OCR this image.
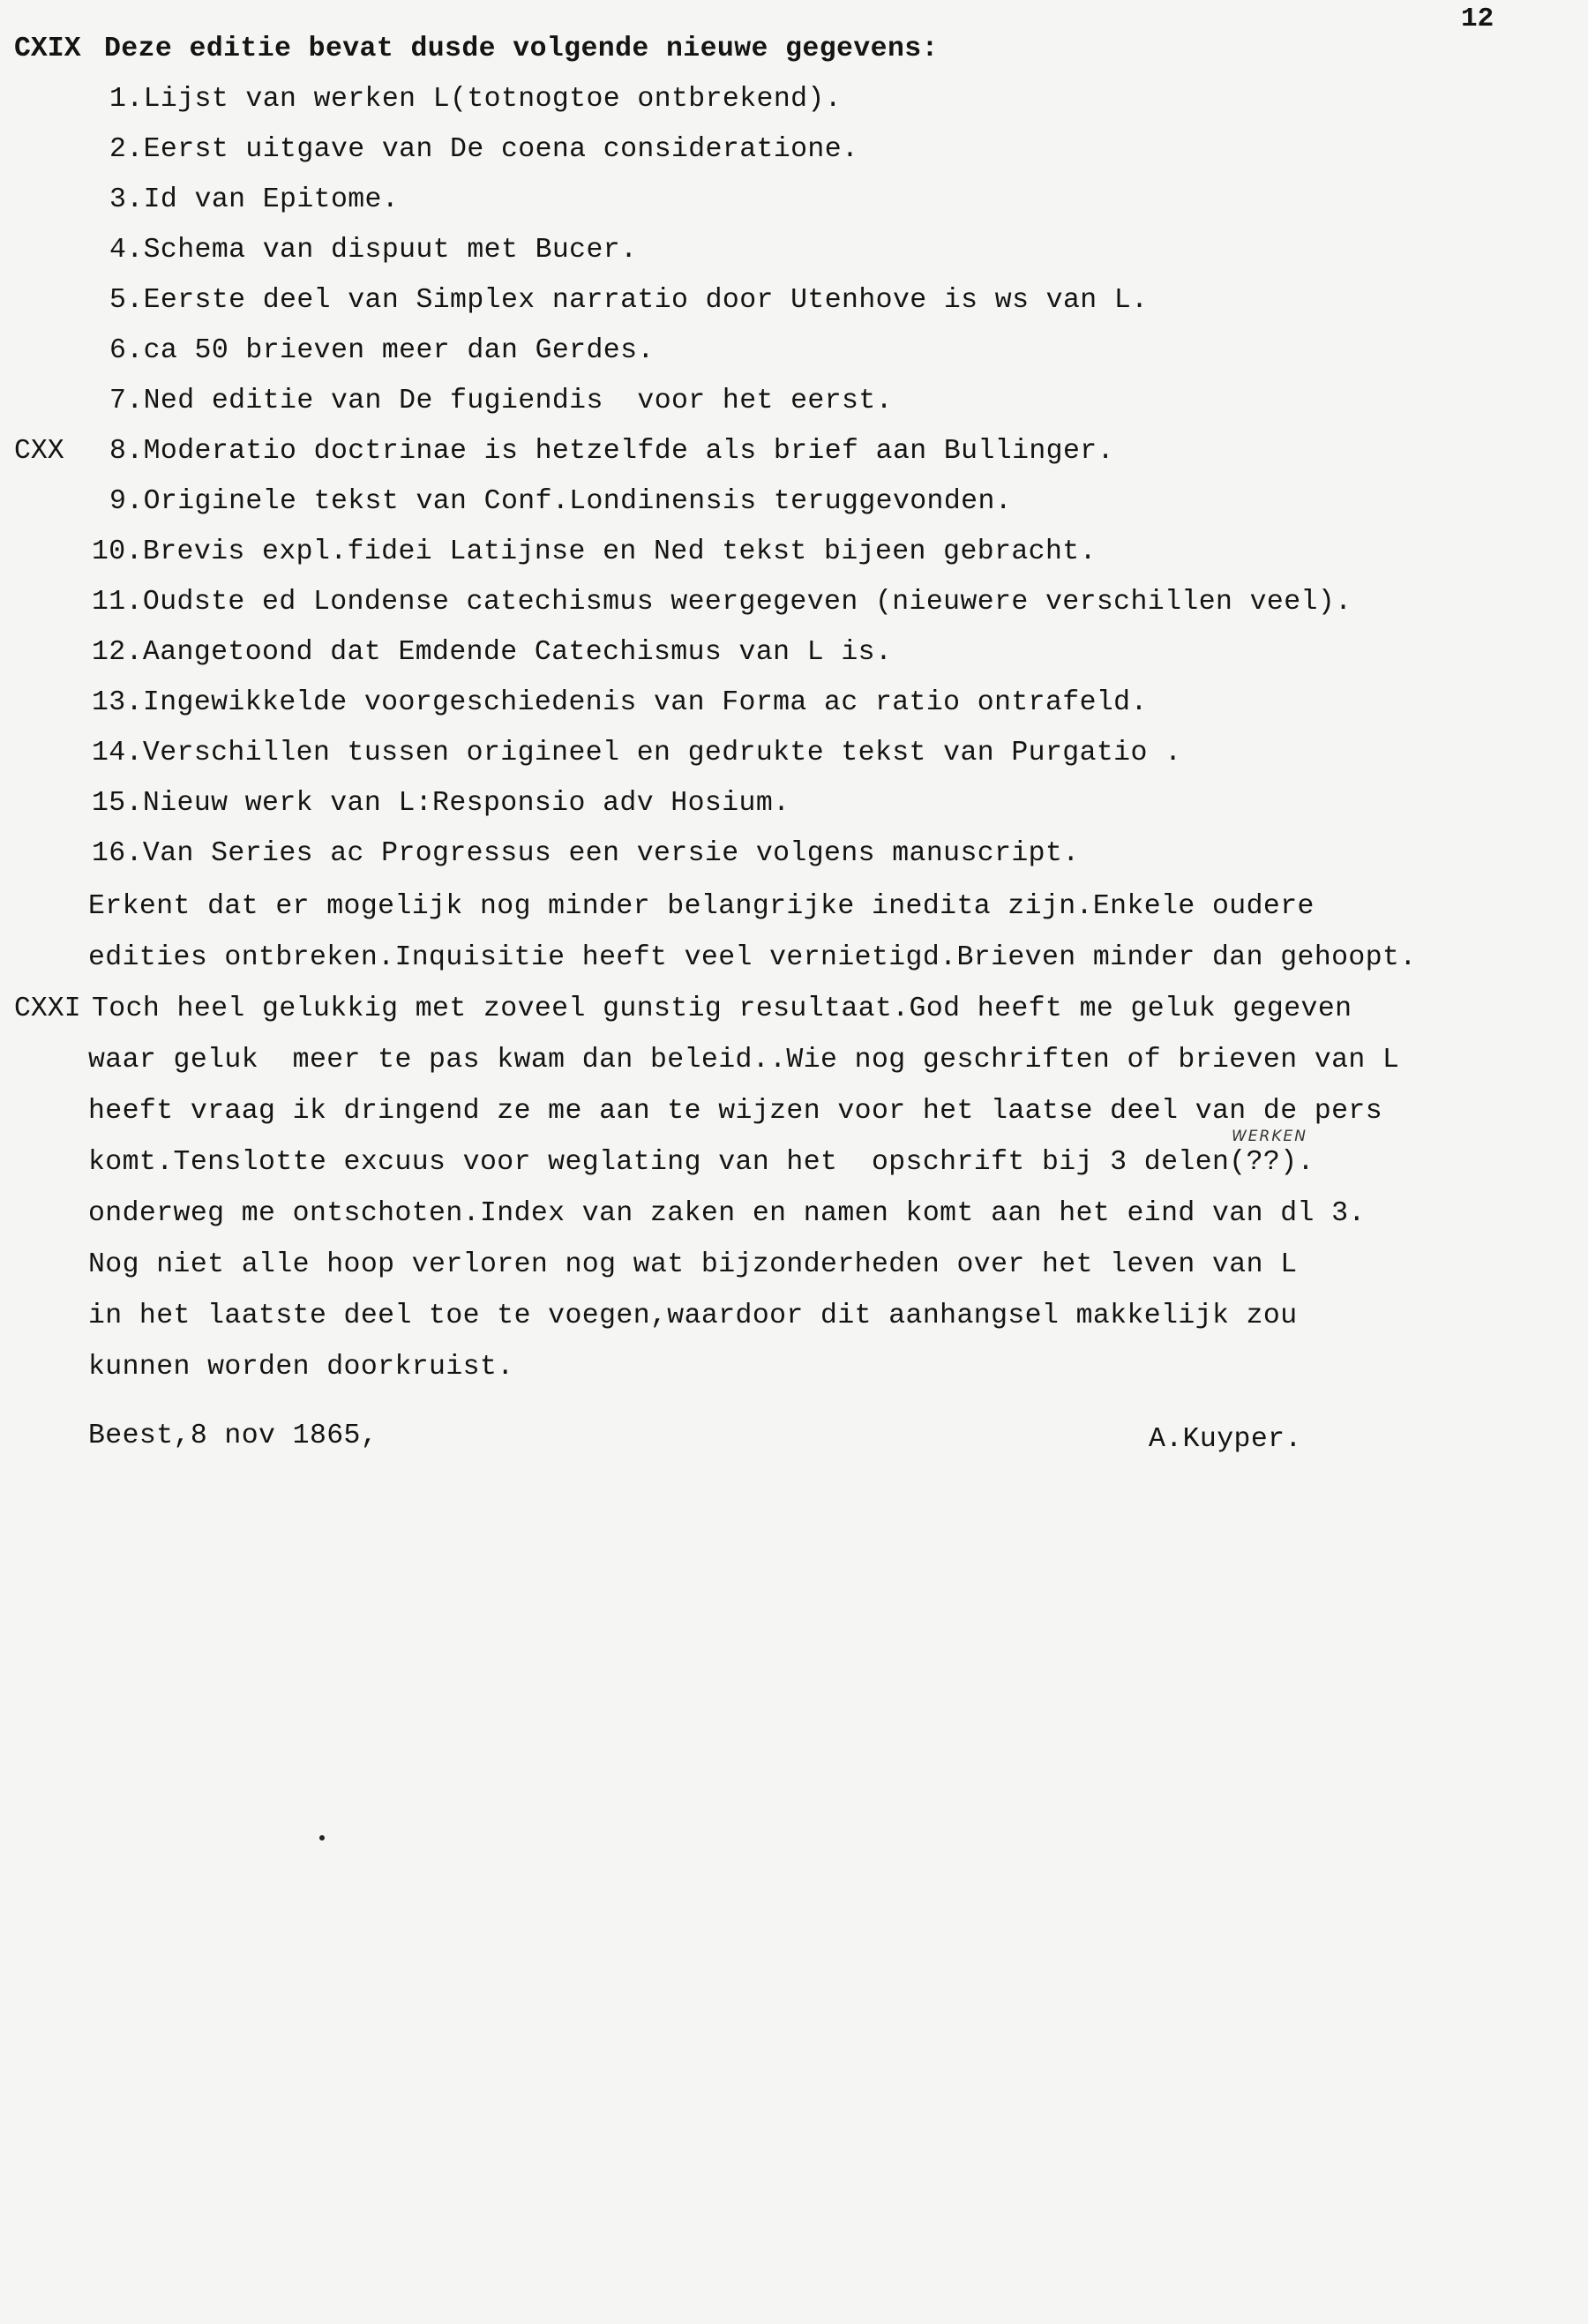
12
CXIX Deze editie bevat dusde volgende nieuwe gegevens:
1.Lijst van werken L(totnogtoe ontbrekend).
2.Eerst uitgave van De coena consideratione.
3.Id van Epitome.
4.Schema van dispuut met Bucer.
5.Eerste deel van Simplex narratio door Utenhove is ws van L.
6.ca 50 brieven meer dan Gerdes.
7.Ned editie van De fugiendis  voor het eerst.
CXX 8.Moderatio doctrinae is hetzelfde als brief aan Bullinger.
9.Originele tekst van Conf.Londinensis teruggevonden.
10.Brevis expl.fidei Latijnse en Ned tekst bijeen gebracht.
11.Oudste ed Londense catechismus weergegeven (nieuwere verschillen veel).
12.Aangetoond dat Emdende Catechismus van L is.
13.Ingewikkelde voorgeschiedenis van Forma ac ratio ontrafeld.
14.Verschillen tussen origineel en gedrukte tekst van Purgatio .
15.Nieuw werk van L:Responsio adv Hosium.
16.Van Series ac Progressus een versie volgens manuscript.
Erkent dat er mogelijk nog minder belangrijke inedita zijn.Enkele oudere
edities ontbreken.Inquisitie heeft veel vernietigd.Brieven minder dan gehoopt.
CXXI Toch heel gelukkig met zoveel gunstig resultaat.God heeft me geluk gegeven
waar geluk  meer te pas kwam dan beleid..Wie nog geschriften of brieven van L
heeft vraag ik dringend ze me aan te wijzen voor het laatse deel van de pers
komt.Tenslotte excuus voor weglating van het  opschrift bij 3 delen(??).
WERKEN
onderweg me ontschoten.Index van zaken en namen komt aan het eind van dl 3.
Nog niet alle hoop verloren nog wat bijzonderheden over het leven van L
in het laatste deel toe te voegen,waardoor dit aanhangsel makkelijk zou
kunnen worden doorkruist.
Beest,8 nov 1865,	A.Kuyper.
